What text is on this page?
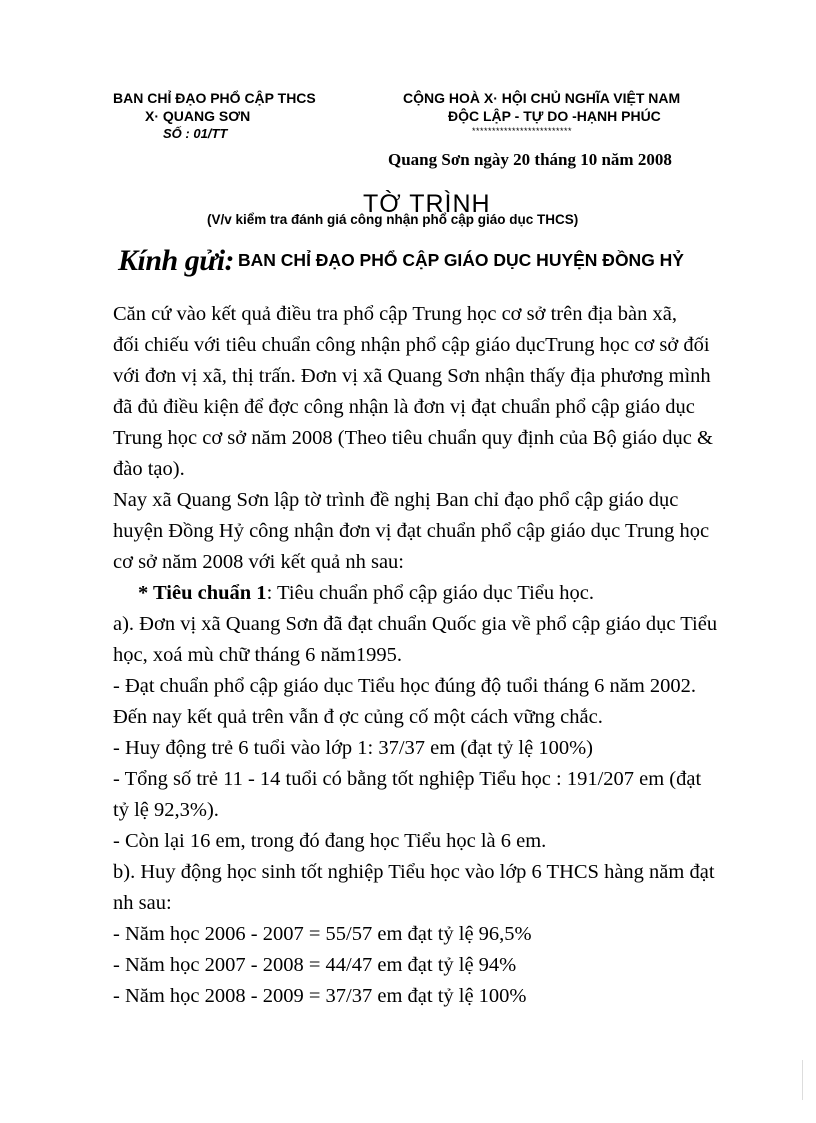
BAN CHỈ ĐẠO PHỔ CẬP THCS
X· QUANG SƠN
SỐ : 01/TT
CỘNG HOÀ X· HỘI CHỦ NGHĨA VIỆT NAM
ĐỘC LẬP - TỰ DO -HẠNH PHÚC
*************************
Quang Sơn ngày 20 tháng 10 năm 2008
TỜ TRÌNH
(V/v kiểm tra đánh giá công nhận phổ cập giáo dục THCS)
Kính gửi: BAN CHỈ ĐẠO PHỔ CẬP GIÁO DỤC HUYỆN ĐỒNG HỶ
Căn cứ vào kết quả điều tra phổ cập Trung học cơ sở trên địa bàn xã,
đối chiếu với tiêu chuẩn công nhận phổ cập giáo dụcTrung học cơ sở đối
với đơn vị xã, thị trấn. Đơn vị xã Quang Sơn nhận thấy địa phương mình
đã đủ điều kiện để đợc công nhận là đơn vị đạt chuẩn phổ cập giáo dục
Trung học cơ sở năm 2008 (Theo tiêu chuẩn quy định của Bộ giáo dục &
đào tạo).
Nay xã Quang Sơn lập tờ trình đề nghị Ban chỉ đạo phổ cập giáo dục
huyện Đồng Hỷ công nhận đơn vị đạt chuẩn phổ cập giáo dục Trung học
cơ sở năm 2008 với kết quả nh sau:
* Tiêu chuẩn 1: Tiêu chuẩn phổ cập giáo dục Tiểu học.
a). Đơn vị xã Quang Sơn đã đạt chuẩn Quốc gia về phổ cập giáo dục Tiểu
học, xoá mù chữ tháng 6 năm1995.
- Đạt chuẩn phổ cập giáo dục Tiểu học đúng độ tuổi tháng 6 năm 2002.
Đến nay kết quả trên vẫn đ ợc củng cố một cách vững chắc.
- Huy động trẻ 6 tuổi vào lớp 1: 37/37 em (đạt tỷ lệ 100%)
- Tổng số trẻ 11 - 14 tuổi có bằng tốt nghiệp Tiểu học : 191/207 em (đạt
tỷ lệ 92,3%).
- Còn lại 16 em, trong đó đang học Tiểu học là 6 em.
b). Huy động học sinh tốt nghiệp Tiểu học vào lớp 6 THCS hàng năm đạt
nh sau:
- Năm học 2006 - 2007 = 55/57 em đạt tỷ lệ 96,5%
- Năm học 2007 - 2008 = 44/47 em đạt tỷ lệ 94%
- Năm học 2008 - 2009 = 37/37 em đạt tỷ lệ 100%
